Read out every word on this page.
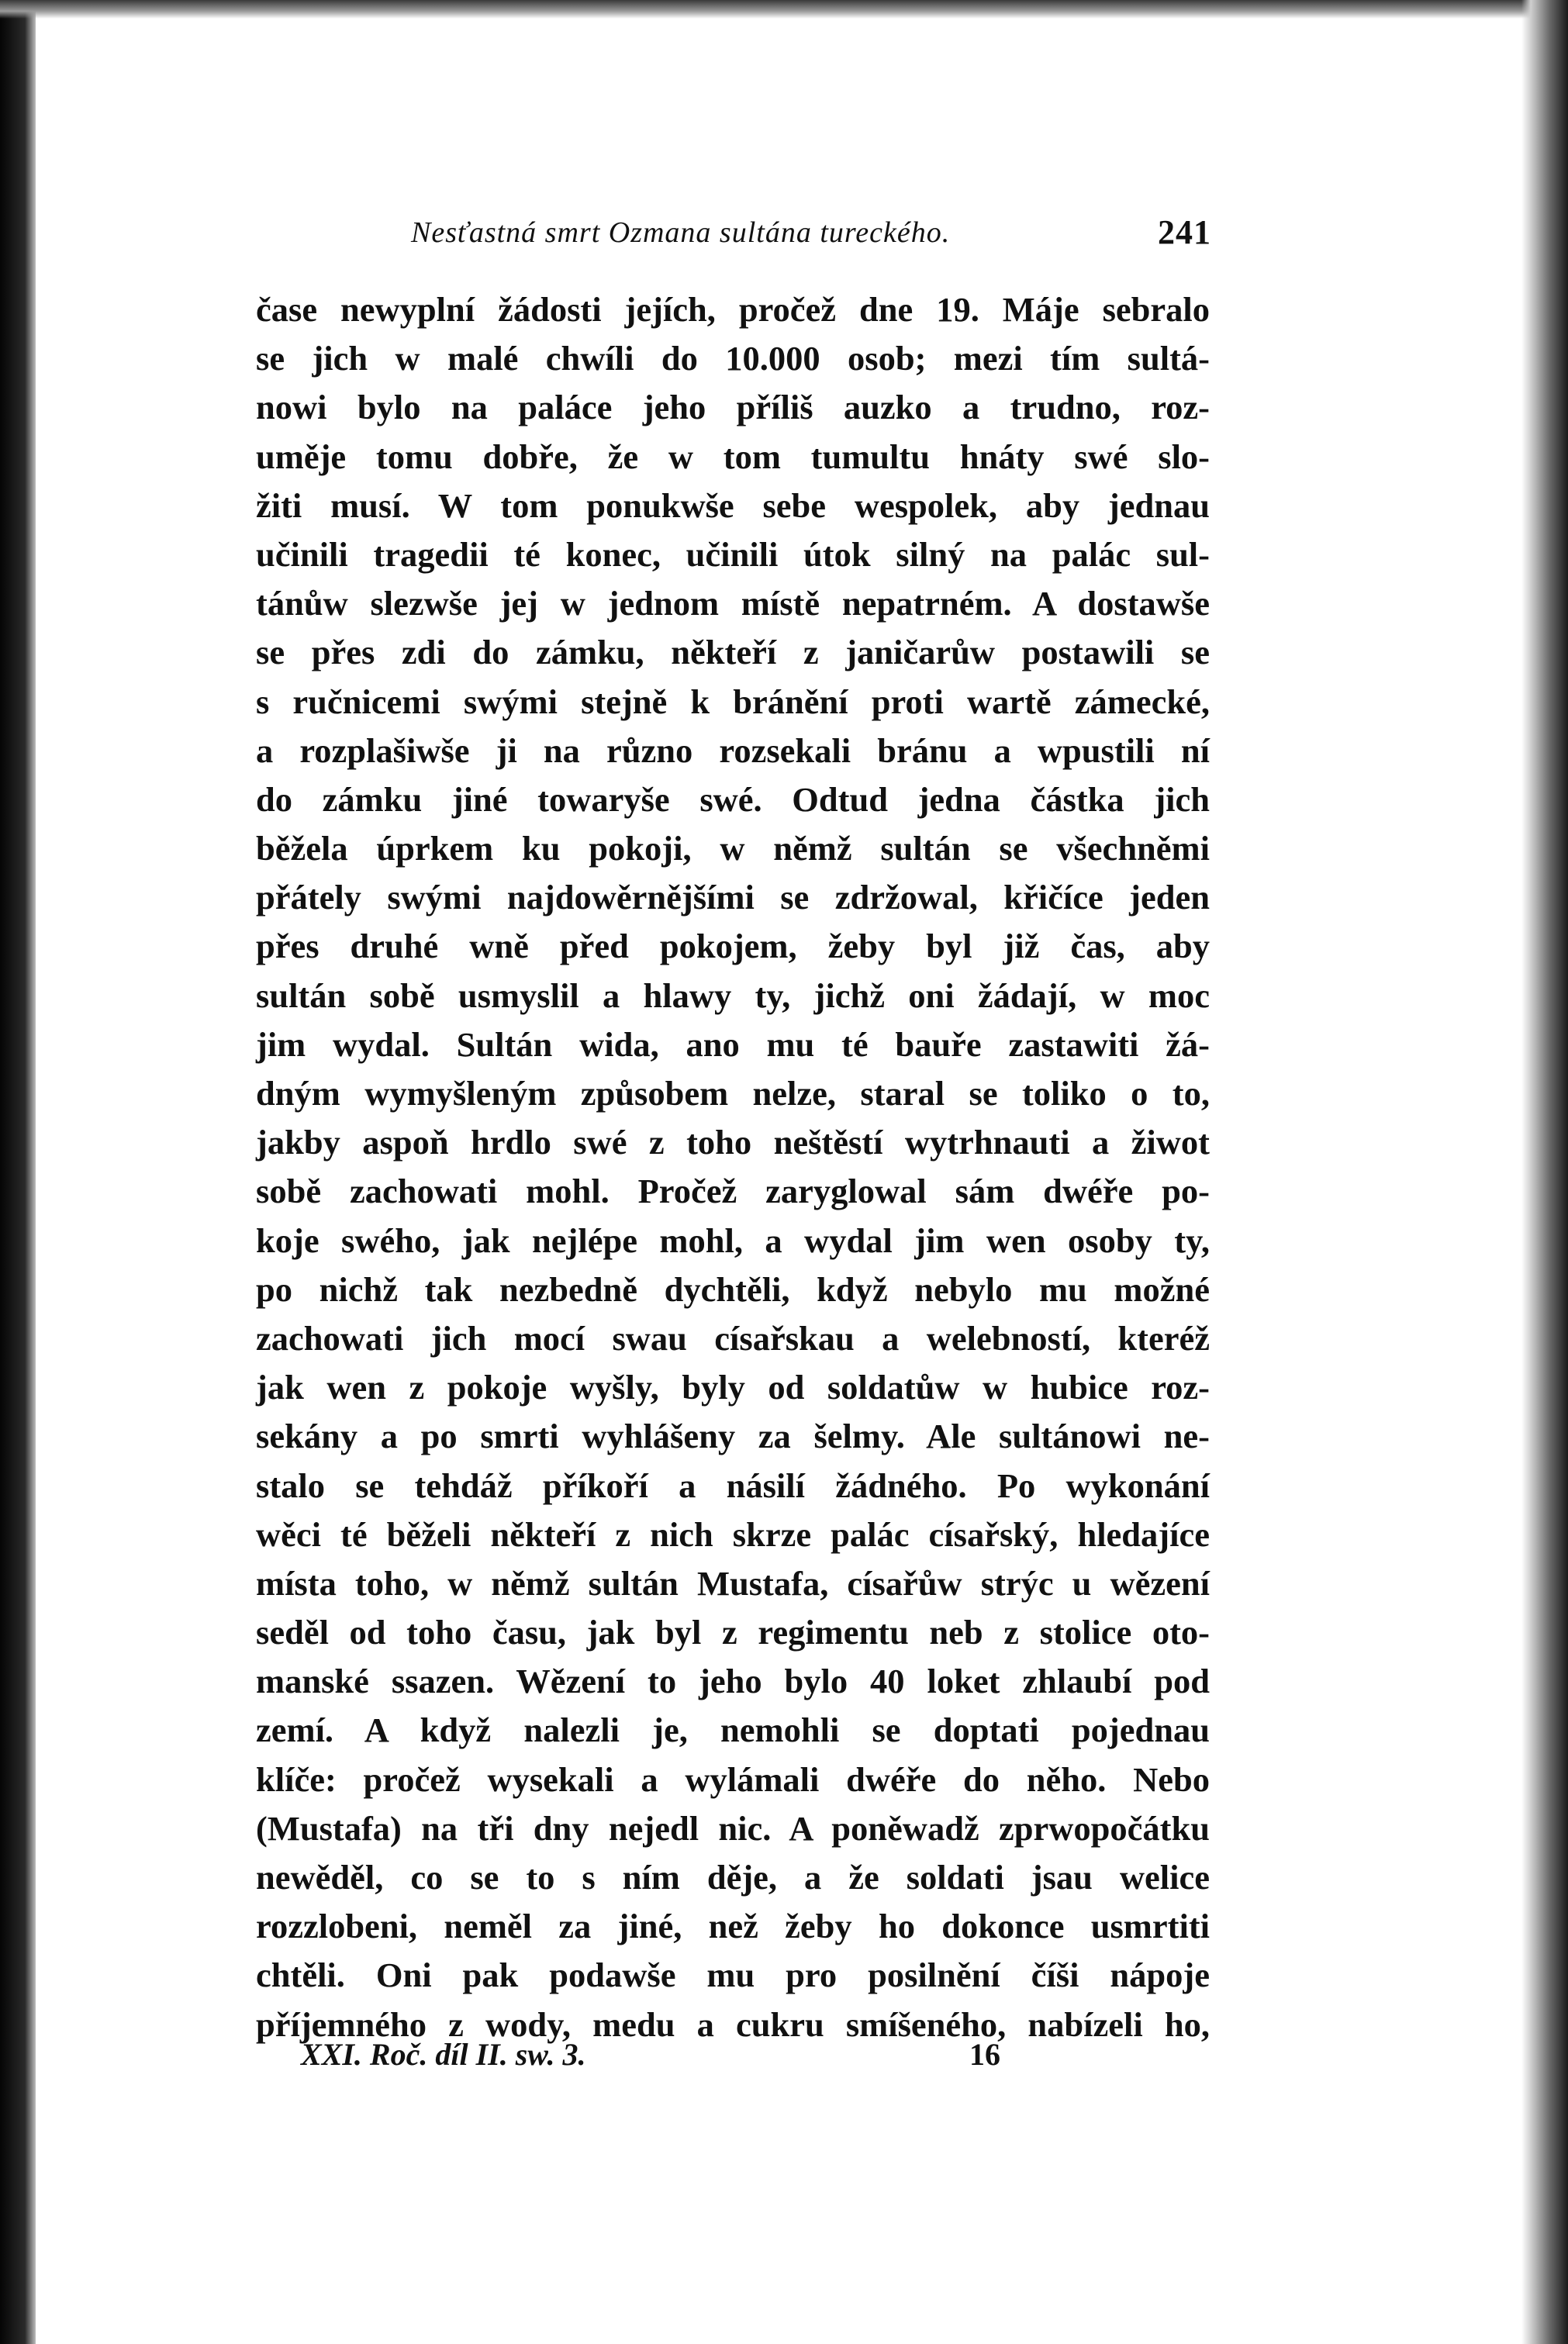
Nesťastná smrt Ozmana sultána tureckého.	241
čase newyplní žádosti jejích, pročež dne 19. Máje sebralo
se jich w malé chwíli do 10.000 osob; mezi tím sultá-
nowi bylo na paláce jeho příliš auzko a trudno, roz-
uměje tomu dobře, že w tom tumultu hnáty swé slo-
žiti musí. W tom ponukwše sebe wespolek, aby jednau
učinili tragedii té konec, učinili útok silný na palác sul-
tánůw slezwše jej w jednom místě nepatrném. A dostawše
se přes zdi do zámku, někteří z janičarůw postawili se
s ručnicemi swými stejně k bránění proti wartě zámecké,
a rozplašiwše ji na různo rozsekali bránu a wpustili ní
do zámku jiné towaryše swé. Odtud jedna částka jich
běžela úprkem ku pokoji, w němž sultán se všechněmi
přátely swými najdowěrnějšími se zdržowal, křičíce jeden
přes druhé wně před pokojem, žeby byl již čas, aby
sultán sobě usmyslil a hlawy ty, jichž oni žádají, w moc
jim wydal. Sultán wida, ano mu té bauře zastawiti žá-
dným wymyšleným způsobem nelze, staral se toliko o to,
jakby aspoň hrdlo swé z toho neštěstí wytrhnauti a žiwot
sobě zachowati mohl. Pročež zaryglowal sám dwéře po-
koje swého, jak nejlépe mohl, a wydal jim wen osoby ty,
po nichž tak nezbedně dychtěli, když nebylo mu možné
zachowati jich mocí swau císařskau a welebností, kteréž
jak wen z pokoje wyšly, byly od soldatůw w hubice roz-
sekány a po smrti wyhlášeny za šelmy. Ale sultánowi ne-
stalo se tehdáž příkoří a násilí žádného. Po wykonání
wěci té běželi někteří z nich skrze palác císařský, hledajíce
místa toho, w němž sultán Mustafa, císařůw strýc u wězení
seděl od toho času, jak byl z regimentu neb z stolice oto-
manské ssazen. Wězení to jeho bylo 40 loket zhlaubí pod
zemí. A když nalezli je, nemohli se doptati pojednau
klíče: pročež wysekali a wylámali dwéře do něho. Nebo
(Mustafa) na tři dny nejedl nic. A poněwadž zprwopočátku
newěděl, co se to s ním děje, a že soldati jsau welice
rozzlobeni, neměl za jiné, než žeby ho dokonce usmrtiti
chtěli. Oni pak podawše mu pro posilnění číši nápoje
příjemného z wody, medu a cukru smíšeného, nabízeli ho,
XXI. Roč. díl II. sw. 3.	16
